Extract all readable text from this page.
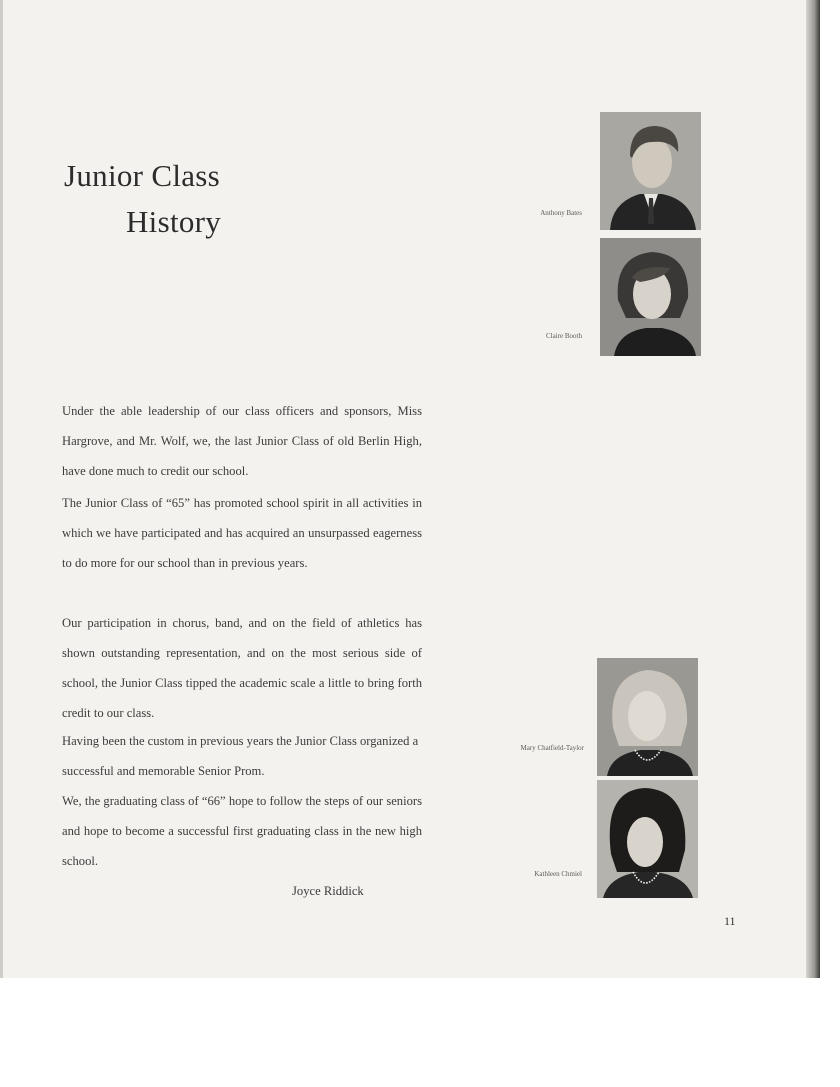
Junior Class
History

Under the able leadership of our class officers and sponsors, Miss Hargrove, and Mr. Wolf, we, the last Junior Class of old Berlin High, have done much to credit our school.

The Junior Class of “65” has promoted school spirit in all activities in which we have participated and has acquired an unsurpassed eagerness to do more for our school than in previous years.

Our participation in chorus, band, and on the field of athletics has shown outstanding representation, and on the most serious side of school, the Junior Class tipped the academic scale a little to bring forth credit to our class.

Having been the custom in previous years the Junior Class organized a successful and memorable Senior Prom.

We, the graduating class of “66” hope to follow the steps of our seniors and hope to become a successful first graduating class in the new high school.

Joyce Riddick
Anthony Bates
Claire Booth
Mary Chatfield-Taylor
Kathleen Chmiel
11
